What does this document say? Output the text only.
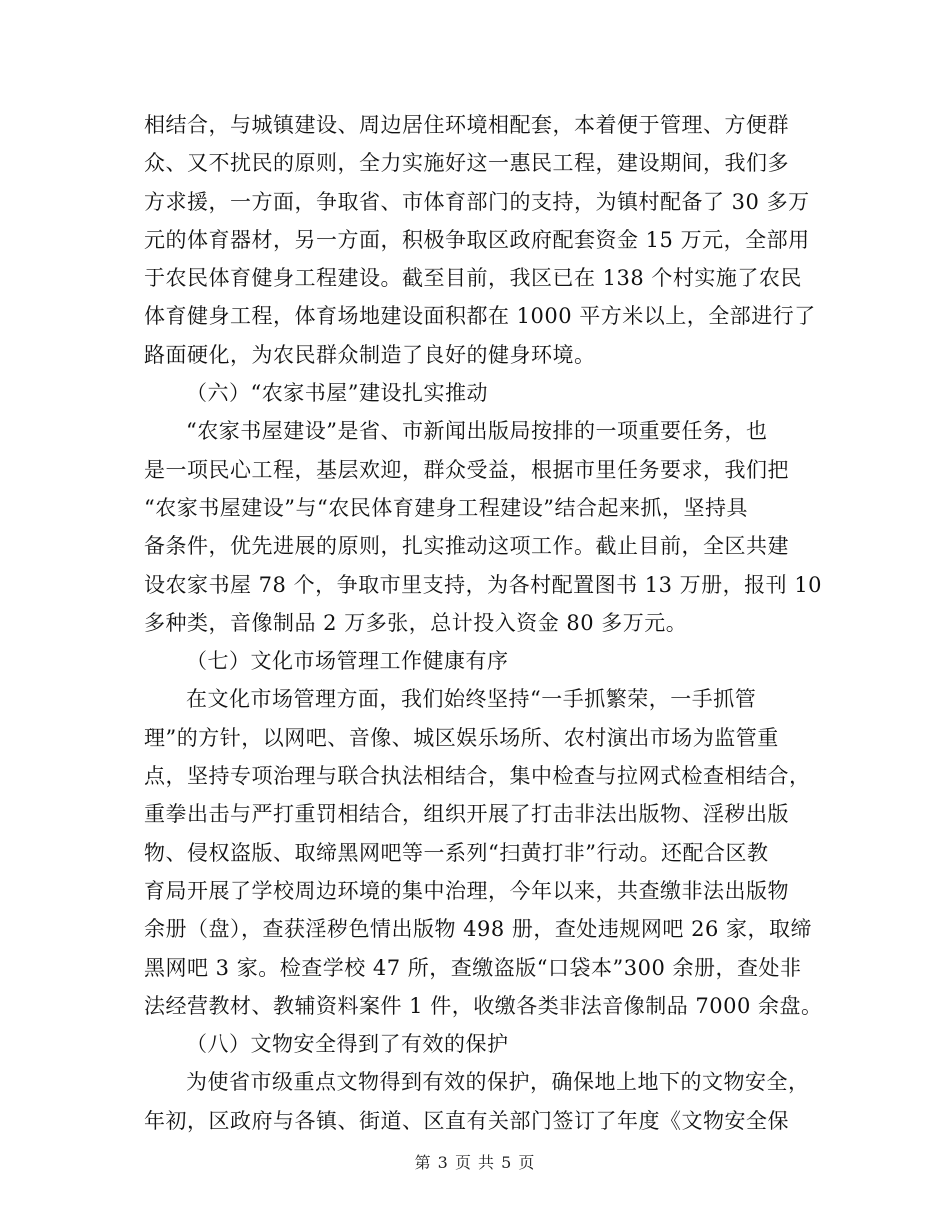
相结合，与城镇建设、周边居住环境相配套，本着便于管理、方便群
众、又不扰民的原则，全力实施好这一惠民工程，建设期间，我们多
方求援，一方面，争取省、市体育部门的支持，为镇村配备了 30 多万
元的体育器材，另一方面，积极争取区政府配套资金 15 万元，全部用
于农民体育健身工程建设。截至目前，我区已在 138 个村实施了农民
体育健身工程，体育场地建设面积都在 1000 平方米以上，全部进行了
路面硬化，为农民群众制造了良好的健身环境。
（六）“农家书屋”建设扎实推动
“农家书屋建设”是省、市新闻出版局按排的一项重要任务，也
是一项民心工程，基层欢迎，群众受益，根据市里任务要求，我们把
“农家书屋建设”与“农民体育建身工程建设”结合起来抓，坚持具
备条件，优先进展的原则，扎实推动这项工作。截止目前，全区共建
设农家书屋 78 个，争取市里支持，为各村配置图书 13 万册，报刊 10
多种类，音像制品 2 万多张，总计投入资金 80 多万元。
（七）文化市场管理工作健康有序
在文化市场管理方面，我们始终坚持“一手抓繁荣，一手抓管
理”的方针，以网吧、音像、城区娱乐场所、农村演出市场为监管重
点，坚持专项治理与联合执法相结合，集中检查与拉网式检查相结合，
重拳出击与严打重罚相结合，组织开展了打击非法出版物、淫秽出版
物、侵权盗版、取缔黑网吧等一系列“扫黄打非”行动。还配合区教
育局开展了学校周边环境的集中治理，今年以来，共查缴非法出版物
余册（盘），查获淫秽色情出版物 498 册，查处违规网吧 26 家，取缔
黑网吧 3 家。检查学校 47 所，查缴盗版“口袋本”300 余册，查处非
法经营教材、教辅资料案件 1 件，收缴各类非法音像制品 7000 余盘。
（八）文物安全得到了有效的保护
为使省市级重点文物得到有效的保护，确保地上地下的文物安全，
年初，区政府与各镇、街道、区直有关部门签订了年度《文物安全保
第 3 页 共 5 页
